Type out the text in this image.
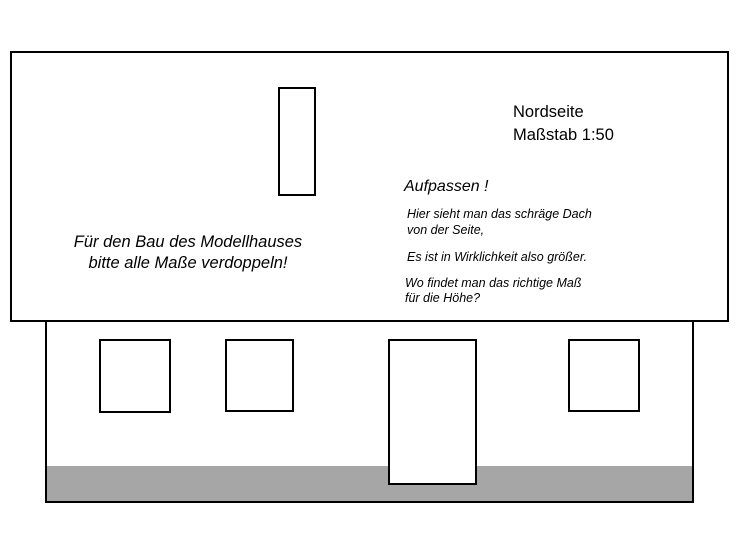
Nordseite
Maßstab 1:50
Aufpassen !
Hier sieht man das schräge Dach
von der Seite,
Es ist in Wirklichkeit also größer.
Wo findet man das richtige Maß
für die Höhe?
Für den Bau des Modellhauses
bitte alle Maße verdoppeln!
